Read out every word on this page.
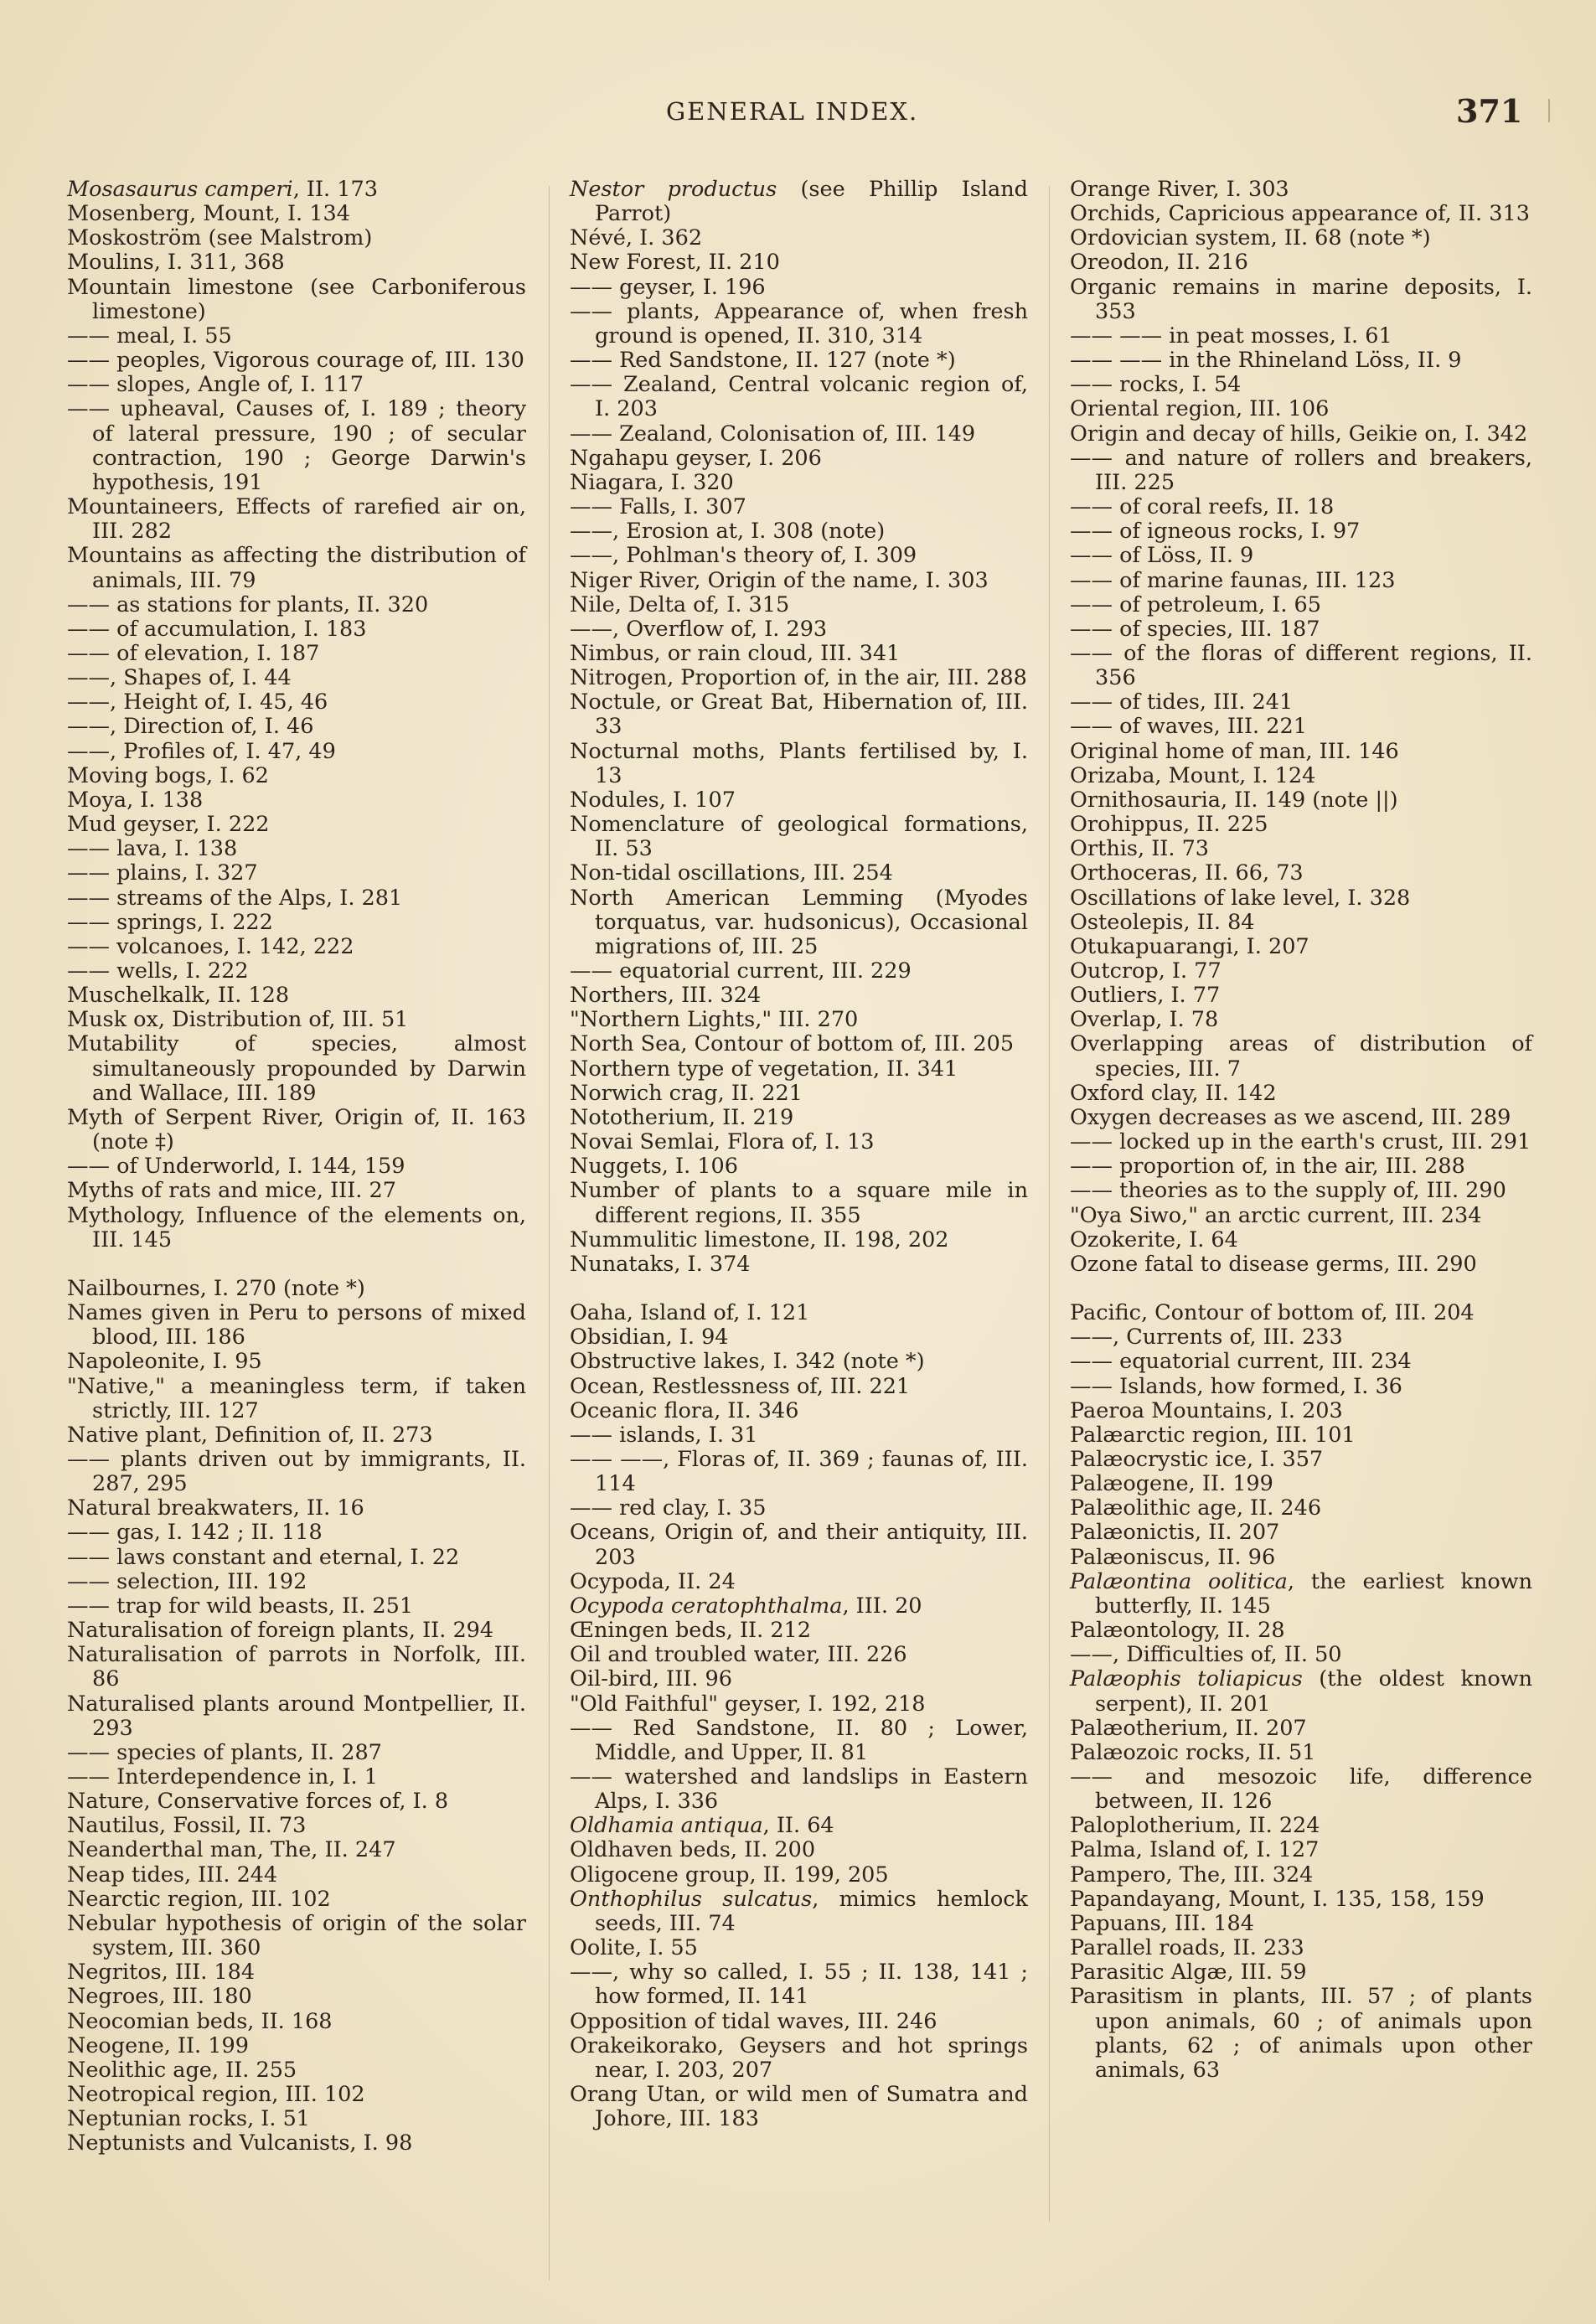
GENERAL INDEX.	371

Mosasaurus camperi, II. 173

Mosenberg, Mount, I. 134

Moskoström (see Malstrom)

Moulins, I. 311, 368

Mountain limestone (see Carboniferous limestone)

—— meal, I. 55

—— peoples, Vigorous courage of, III. 130

—— slopes, Angle of, I. 117

—— upheaval, Causes of, I. 189 ; theory of lateral pressure, 190 ; of secular contraction, 190 ; George Darwin's hypothesis, 191

Mountaineers, Effects of rarefied air on, III. 282

Mountains as affecting the distribution of animals, III. 79

—— as stations for plants, II. 320

—— of accumulation, I. 183

—— of elevation, I. 187

——, Shapes of, I. 44

——, Height of, I. 45, 46

——, Direction of, I. 46

——, Profiles of, I. 47, 49

Moving bogs, I. 62

Moya, I. 138

Mud geyser, I. 222

—— lava, I. 138

—— plains, I. 327

—— streams of the Alps, I. 281

—— springs, I. 222

—— volcanoes, I. 142, 222

—— wells, I. 222

Muschelkalk, II. 128

Musk ox, Distribution of, III. 51

Mutability of species, almost simultaneously propounded by Darwin and Wallace, III. 189

Myth of Serpent River, Origin of, II. 163 (note ‡)

—— of Underworld, I. 144, 159

Myths of rats and mice, III. 27

Mythology, Influence of the elements on, III. 145

Nailbournes, I. 270 (note *)

Names given in Peru to persons of mixed blood, III. 186

Napoleonite, I. 95

"Native," a meaningless term, if taken strictly, III. 127

Native plant, Definition of, II. 273

—— plants driven out by immigrants, II. 287, 295

Natural breakwaters, II. 16

—— gas, I. 142 ; II. 118

—— laws constant and eternal, I. 22

—— selection, III. 192

—— trap for wild beasts, II. 251

Naturalisation of foreign plants, II. 294

Naturalisation of parrots in Norfolk, III. 86

Naturalised plants around Montpellier, II. 293

—— species of plants, II. 287

—— Interdependence in, I. 1

Nature, Conservative forces of, I. 8

Nautilus, Fossil, II. 73

Neanderthal man, The, II. 247

Neap tides, III. 244

Nearctic region, III. 102

Nebular hypothesis of origin of the solar system, III. 360

Negritos, III. 184

Negroes, III. 180

Neocomian beds, II. 168

Neogene, II. 199

Neolithic age, II. 255

Neotropical region, III. 102

Neptunian rocks, I. 51

Neptunists and Vulcanists, I. 98

Nestor productus (see Phillip Island Parrot)

Névé, I. 362

New Forest, II. 210

—— geyser, I. 196

—— plants, Appearance of, when fresh ground is opened, II. 310, 314

—— Red Sandstone, II. 127 (note *)

—— Zealand, Central volcanic region of, I. 203

—— Zealand, Colonisation of, III. 149

Ngahapu geyser, I. 206

Niagara, I. 320

—— Falls, I. 307

——, Erosion at, I. 308 (note)

——, Pohlman's theory of, I. 309

Niger River, Origin of the name, I. 303

Nile, Delta of, I. 315

——, Overflow of, I. 293

Nimbus, or rain cloud, III. 341

Nitrogen, Proportion of, in the air, III. 288

Noctule, or Great Bat, Hibernation of, III. 33

Nocturnal moths, Plants fertilised by, I. 13

Nodules, I. 107

Nomenclature of geological formations, II. 53

Non-tidal oscillations, III. 254

North American Lemming (Myodes torquatus, var. hudsonicus), Occasional migrations of, III. 25

—— equatorial current, III. 229

Northers, III. 324

"Northern Lights," III. 270

North Sea, Contour of bottom of, III. 205

Northern type of vegetation, II. 341

Norwich crag, II. 221

Nototherium, II. 219

Novai Semlai, Flora of, I. 13

Nuggets, I. 106

Number of plants to a square mile in different regions, II. 355

Nummulitic limestone, II. 198, 202

Nunataks, I. 374

Oaha, Island of, I. 121

Obsidian, I. 94

Obstructive lakes, I. 342 (note *)

Ocean, Restlessness of, III. 221

Oceanic flora, II. 346

—— islands, I. 31

—— ——, Floras of, II. 369 ; faunas of, III. 114

—— red clay, I. 35

Oceans, Origin of, and their antiquity, III. 203

Ocypoda, II. 24

Ocypoda ceratophthalma, III. 20

Œningen beds, II. 212

Oil and troubled water, III. 226

Oil-bird, III. 96

"Old Faithful" geyser, I. 192, 218

—— Red Sandstone, II. 80 ; Lower, Middle, and Upper, II. 81

—— watershed and landslips in Eastern Alps, I. 336

Oldhamia antiqua, II. 64

Oldhaven beds, II. 200

Oligocene group, II. 199, 205

Onthophilus sulcatus, mimics hemlock seeds, III. 74

Oolite, I. 55

——, why so called, I. 55 ; II. 138, 141 ; how formed, II. 141

Opposition of tidal waves, III. 246

Orakeikorako, Geysers and hot springs near, I. 203, 207

Orang Utan, or wild men of Sumatra and Johore, III. 183

Orange River, I. 303

Orchids, Capricious appearance of, II. 313

Ordovician system, II. 68 (note *)

Oreodon, II. 216

Organic remains in marine deposits, I. 353

—— —— in peat mosses, I. 61

—— —— in the Rhineland Löss, II. 9

—— rocks, I. 54

Oriental region, III. 106

Origin and decay of hills, Geikie on, I. 342

—— and nature of rollers and breakers, III. 225

—— of coral reefs, II. 18

—— of igneous rocks, I. 97

—— of Löss, II. 9

—— of marine faunas, III. 123

—— of petroleum, I. 65

—— of species, III. 187

—— of the floras of different regions, II. 356

—— of tides, III. 241

—— of waves, III. 221

Original home of man, III. 146

Orizaba, Mount, I. 124

Ornithosauria, II. 149 (note ||)

Orohippus, II. 225

Orthis, II. 73

Orthoceras, II. 66, 73

Oscillations of lake level, I. 328

Osteolepis, II. 84

Otukapuarangi, I. 207

Outcrop, I. 77

Outliers, I. 77

Overlap, I. 78

Overlapping areas of distribution of species, III. 7

Oxford clay, II. 142

Oxygen decreases as we ascend, III. 289

—— locked up in the earth's crust, III. 291

—— proportion of, in the air, III. 288

—— theories as to the supply of, III. 290

"Oya Siwo," an arctic current, III. 234

Ozokerite, I. 64

Ozone fatal to disease germs, III. 290

Pacific, Contour of bottom of, III. 204

——, Currents of, III. 233

—— equatorial current, III. 234

—— Islands, how formed, I. 36

Paeroa Mountains, I. 203

Palæarctic region, III. 101

Palæocrystic ice, I. 357

Palæogene, II. 199

Palæolithic age, II. 246

Palæonictis, II. 207

Palæoniscus, II. 96

Palæontina oolitica, the earliest known butterfly, II. 145

Palæontology, II. 28

——, Difficulties of, II. 50

Palæophis toliapicus (the oldest known serpent), II. 201

Palæotherium, II. 207

Palæozoic rocks, II. 51

—— and mesozoic life, difference between, II. 126

Paloplotherium, II. 224

Palma, Island of, I. 127

Pampero, The, III. 324

Papandayang, Mount, I. 135, 158, 159

Papuans, III. 184

Parallel roads, II. 233

Parasitic Algæ, III. 59

Parasitism in plants, III. 57 ; of plants upon animals, 60 ; of animals upon plants, 62 ; of animals upon other animals, 63
